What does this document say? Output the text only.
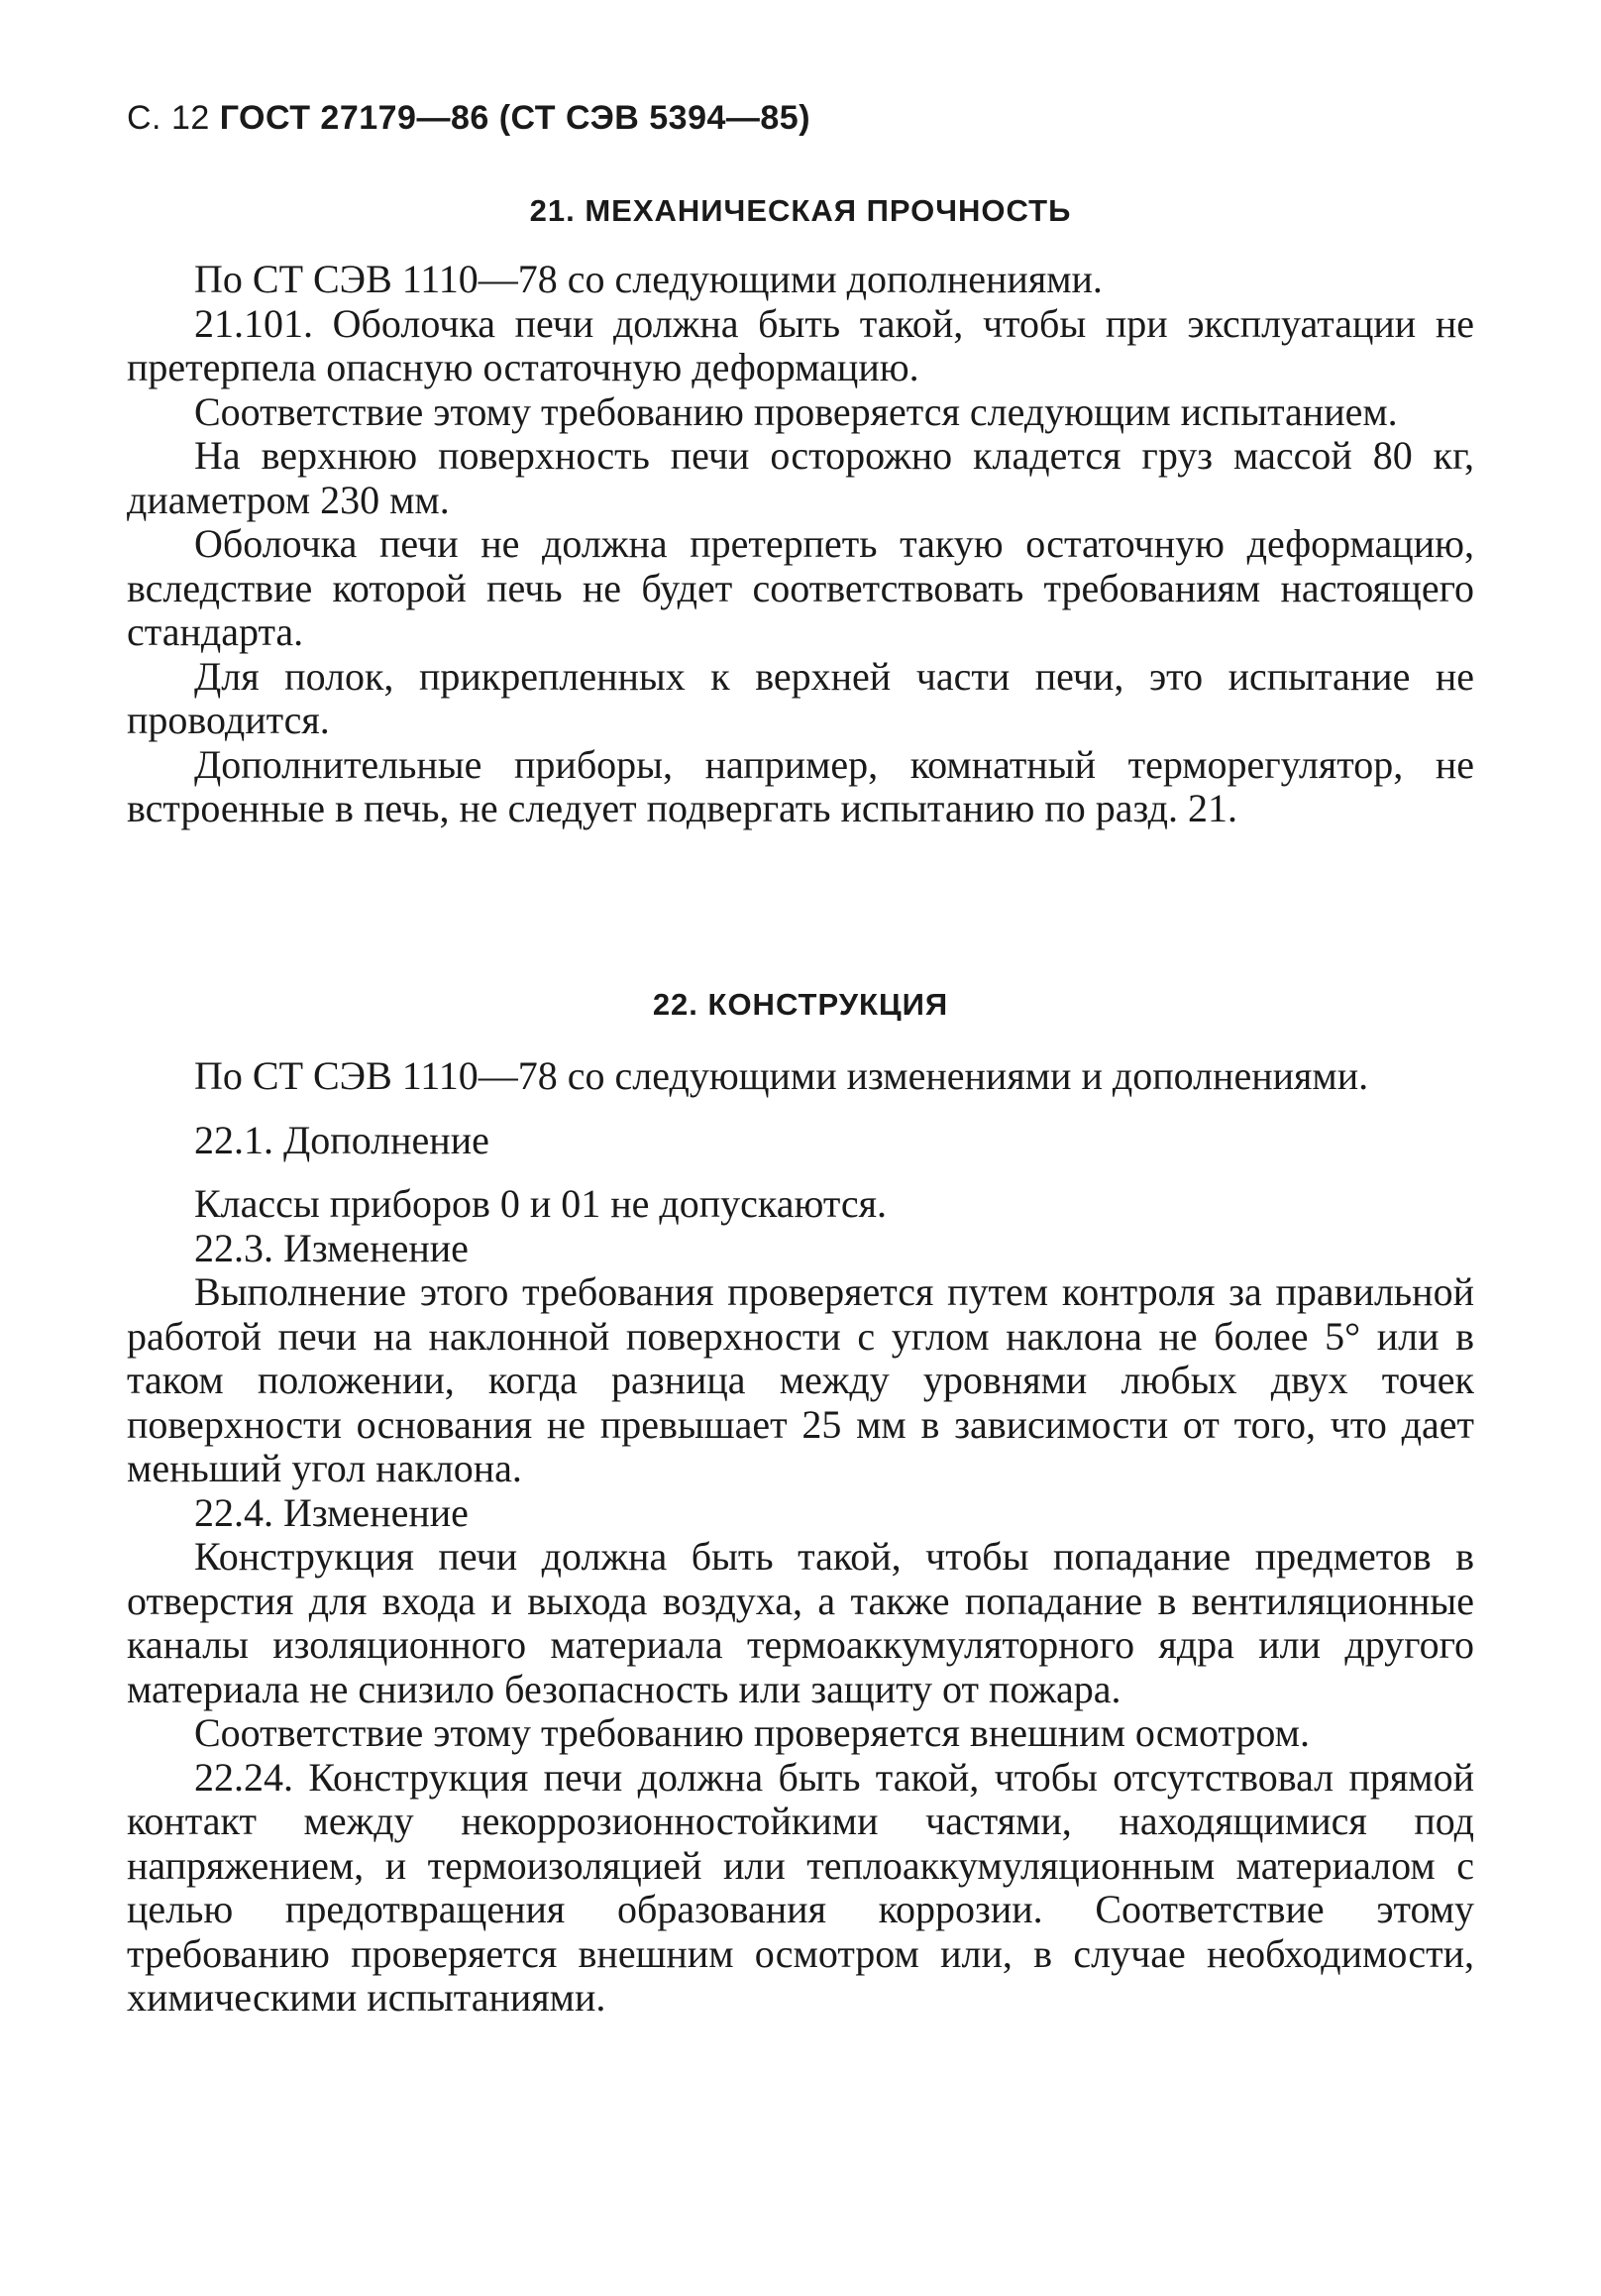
С. 12 ГОСТ 27179—86 (СТ СЭВ 5394—85)
21. МЕХАНИЧЕСКАЯ ПРОЧНОСТЬ

По СТ СЭВ 1110—78 со следующими дополнениями.

21.101. Оболочка печи должна быть такой, чтобы при эксплуатации не претерпела опасную остаточную деформацию.

Соответствие этому требованию проверяется следующим испытанием.

На верхнюю поверхность печи осторожно кладется груз массой 80 кг, диаметром 230 мм.

Оболочка печи не должна претерпеть такую остаточную деформацию, вследствие которой печь не будет соответствовать требованиям настоящего стандарта.

Для полок, прикрепленных к верхней части печи, это испытание не проводится.

Дополнительные приборы, например, комнатный терморегулятор, не встроенные в печь, не следует подвергать испытанию по разд. 21.

22. КОНСТРУКЦИЯ

По СТ СЭВ 1110—78 со следующими изменениями и дополнениями.

22.1. Дополнение

Классы приборов 0 и 01 не допускаются.

22.3. Изменение

Выполнение этого требования проверяется путем контроля за правильной работой печи на наклонной поверхности с углом наклона не более 5° или в таком положении, когда разница между уровнями любых двух точек поверхности основания не превышает 25 мм в зависимости от того, что дает меньший угол наклона.

22.4. Изменение

Конструкция печи должна быть такой, чтобы попадание предметов в отверстия для входа и выхода воздуха, а также попадание в вентиляционные каналы изоляционного материала термоаккумуляторного ядра или другого материала не снизило безопасность или защиту от пожара.

Соответствие этому требованию проверяется внешним осмотром.

22.24. Конструкция печи должна быть такой, чтобы отсутствовал прямой контакт между некоррозионностойкими частями, находящимися под напряжением, и термоизоляцией или теплоаккумуляционным материалом с целью предотвращения образования коррозии. Соответствие этому требованию проверяется внешним осмотром или, в случае необходимости, химическими испытаниями.
